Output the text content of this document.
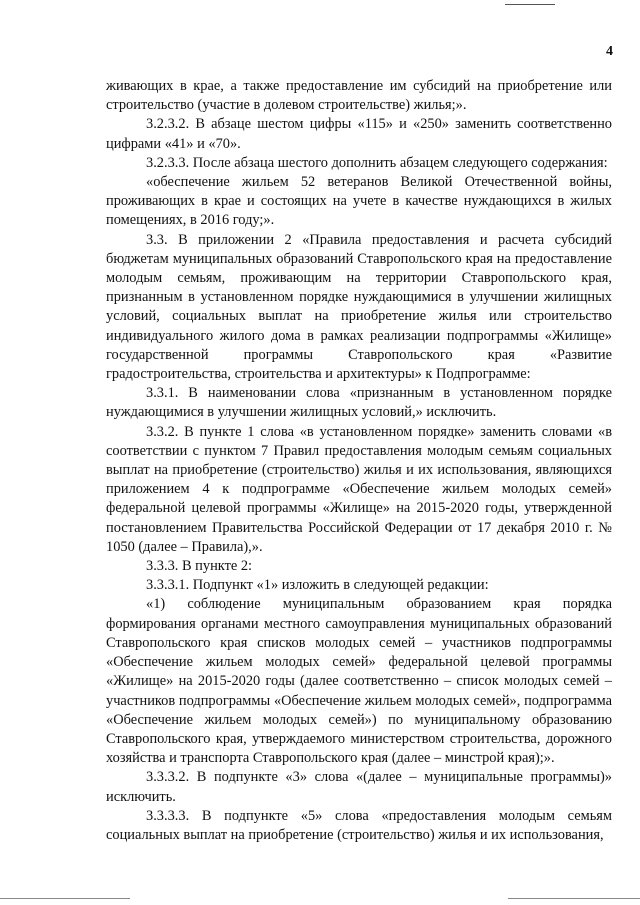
4

живающих в крае, а также предоставление им субсидий на приобретение или строительство (участие в долевом строительстве) жилья;».

3.2.3.2. В абзаце шестом цифры «115» и «250» заменить соответственно цифрами «41» и «70».

3.2.3.3. После абзаца шестого дополнить абзацем следующего содержания:

«обеспечение жильем 52 ветеранов Великой Отечественной войны, проживающих в крае и состоящих на учете в качестве нуждающихся в жилых помещениях, в 2016 году;».

3.3. В приложении 2 «Правила предоставления и расчета субсидий бюджетам муниципальных образований Ставропольского края на предоставление молодым семьям, проживающим на территории Ставропольского края, признанным в установленном порядке нуждающимися в улучшении жилищных условий, социальных выплат на приобретение жилья или строительство индивидуального жилого дома в рамках реализации подпрограммы «Жилище» государственной программы Ставропольского края «Развитие градостроительства, строительства и архитектуры» к Подпрограмме:

3.3.1. В наименовании слова «признанным в установленном порядке нуждающимися в улучшении жилищных условий,» исключить.

3.3.2. В пункте 1 слова «в установленном порядке» заменить словами «в соответствии с пунктом 7 Правил предоставления молодым семьям социальных выплат на приобретение (строительство) жилья и их использования, являющихся приложением 4 к подпрограмме «Обеспечение жильем молодых семей» федеральной целевой программы «Жилище» на 2015-2020 годы, утвержденной постановлением Правительства Российской Федерации от 17 декабря 2010 г. № 1050 (далее – Правила),».

3.3.3. В пункте 2:

3.3.3.1. Подпункт «1» изложить в следующей редакции:

«1) соблюдение муниципальным образованием края порядка формирования органами местного самоуправления муниципальных образований Ставропольского края списков молодых семей – участников подпрограммы «Обеспечение жильем молодых семей» федеральной целевой программы «Жилище» на 2015-2020 годы (далее соответственно – список молодых семей – участников подпрограммы «Обеспечение жильем молодых семей», подпрограмма «Обеспечение жильем молодых семей») по муниципальному образованию Ставропольского края, утверждаемого министерством строительства, дорожного хозяйства и транспорта Ставропольского края (далее – минстрой края);».

3.3.3.2. В подпункте «3» слова «(далее – муниципальные программы)» исключить.

3.3.3.3. В подпункте «5» слова «предоставления молодым семьям социальных выплат на приобретение (строительство) жилья и их использования,
